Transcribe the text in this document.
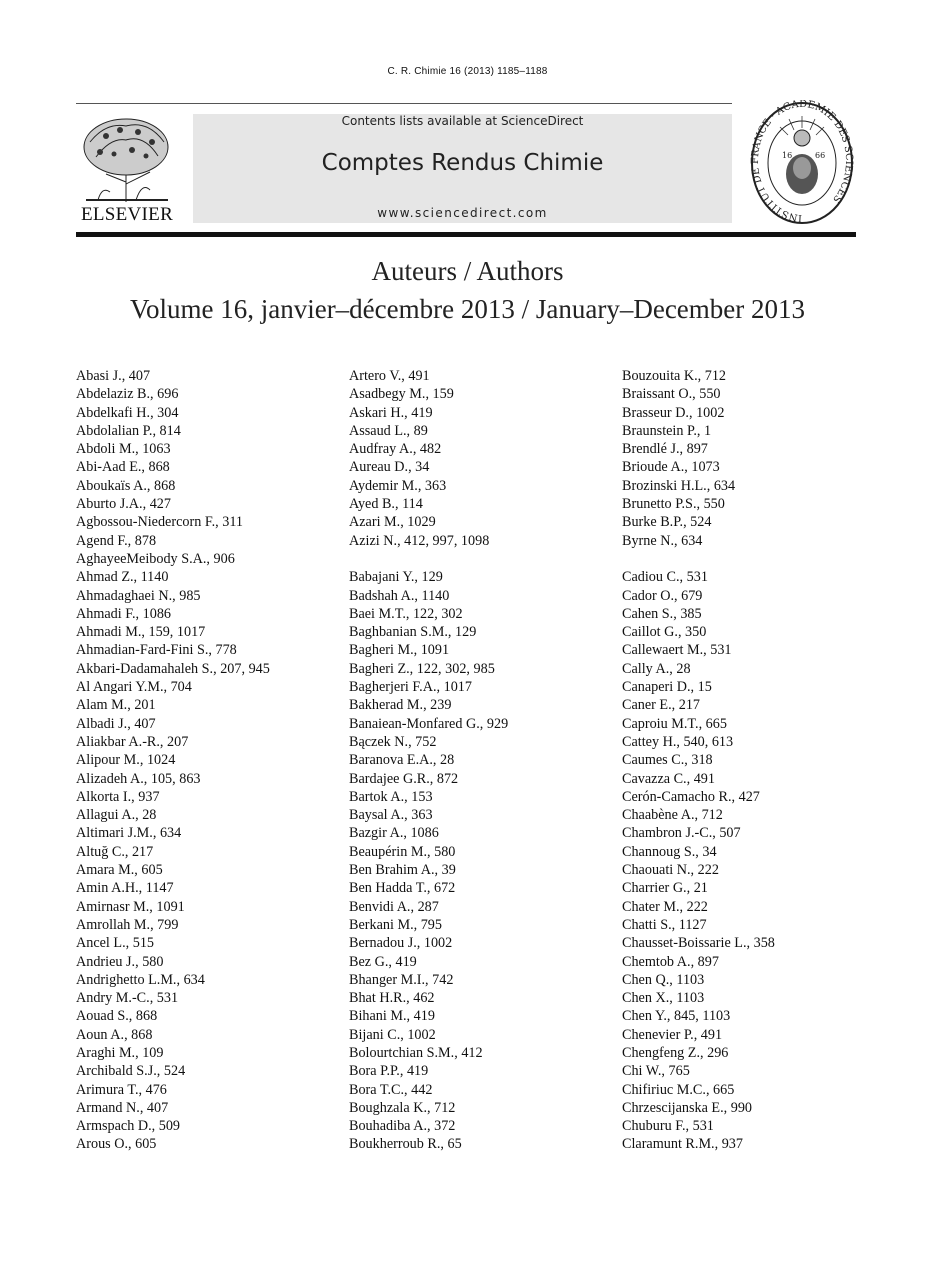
C. R. Chimie 16 (2013) 1185–1188
ELSEVIER
Contents lists available at ScienceDirect
Comptes Rendus Chimie
www.sciencedirect.com	INSTITUT DE FRANCE · ACADÉMIE DES SCIENCES
16	66
Auteurs / Authors
Volume 16, janvier–décembre 2013 / January–December 2013
Abasi J., 407
Abdelaziz B., 696
Abdelkafi H., 304
Abdolalian P., 814
Abdoli M., 1063
Abi-Aad E., 868
Aboukaïs A., 868
Aburto J.A., 427
Agbossou-Niedercorn F., 311
Agend F., 878
AghayeeMeibody S.A., 906
Ahmad Z., 1140
Ahmadaghaei N., 985
Ahmadi F., 1086
Ahmadi M., 159, 1017
Ahmadian-Fard-Fini S., 778
Akbari-Dadamahaleh S., 207, 945
Al Angari Y.M., 704
Alam M., 201
Albadi J., 407
Aliakbar A.-R., 207
Alipour M., 1024
Alizadeh A., 105, 863
Alkorta I., 937
Allagui A., 28
Altimari J.M., 634
Altuğ C., 217
Amara M., 605
Amin A.H., 1147
Amirnasr M., 1091
Amrollah M., 799
Ancel L., 515
Andrieu J., 580
Andrighetto L.M., 634
Andry M.-C., 531
Aouad S., 868
Aoun A., 868
Araghi M., 109
Archibald S.J., 524
Arimura T., 476
Armand N., 407
Armspach D., 509
Arous O., 605
Artero V., 491
Asadbegy M., 159
Askari H., 419
Assaud L., 89
Audfray A., 482
Aureau D., 34
Aydemir M., 363
Ayed B., 114
Azari M., 1029
Azizi N., 412, 997, 1098
Babajani Y., 129
Badshah A., 1140
Baei M.T., 122, 302
Baghbanian S.M., 129
Bagheri M., 1091
Bagheri Z., 122, 302, 985
Bagherjeri F.A., 1017
Bakherad M., 239
Banaiean-Monfared G., 929
Bączek N., 752
Baranova E.A., 28
Bardajee G.R., 872
Bartok A., 153
Baysal A., 363
Bazgir A., 1086
Beaupérin M., 580
Ben Brahim A., 39
Ben Hadda T., 672
Benvidi A., 287
Berkani M., 795
Bernadou J., 1002
Bez G., 419
Bhanger M.I., 742
Bhat H.R., 462
Bihani M., 419
Bijani C., 1002
Bolourtchian S.M., 412
Bora P.P., 419
Bora T.C., 442
Boughzala K., 712
Bouhadiba A., 372
Boukherroub R., 65
Bouzouita K., 712
Braissant O., 550
Brasseur D., 1002
Braunstein P., 1
Brendlé J., 897
Brioude A., 1073
Brozinski H.L., 634
Brunetto P.S., 550
Burke B.P., 524
Byrne N., 634
Cadiou C., 531
Cador O., 679
Cahen S., 385
Caillot G., 350
Callewaert M., 531
Cally A., 28
Canaperi D., 15
Caner E., 217
Caproiu M.T., 665
Cattey H., 540, 613
Caumes C., 318
Cavazza C., 491
Cerón-Camacho R., 427
Chaabène A., 712
Chambron J.-C., 507
Channoug S., 34
Chaouati N., 222
Charrier G., 21
Chater M., 222
Chatti S., 1127
Chausset-Boissarie L., 358
Chemtob A., 897
Chen Q., 1103
Chen X., 1103
Chen Y., 845, 1103
Chenevier P., 491
Chengfeng Z., 296
Chi W., 765
Chifiriuc M.C., 665
Chrzescijanska E., 990
Chuburu F., 531
Claramunt R.M., 937
